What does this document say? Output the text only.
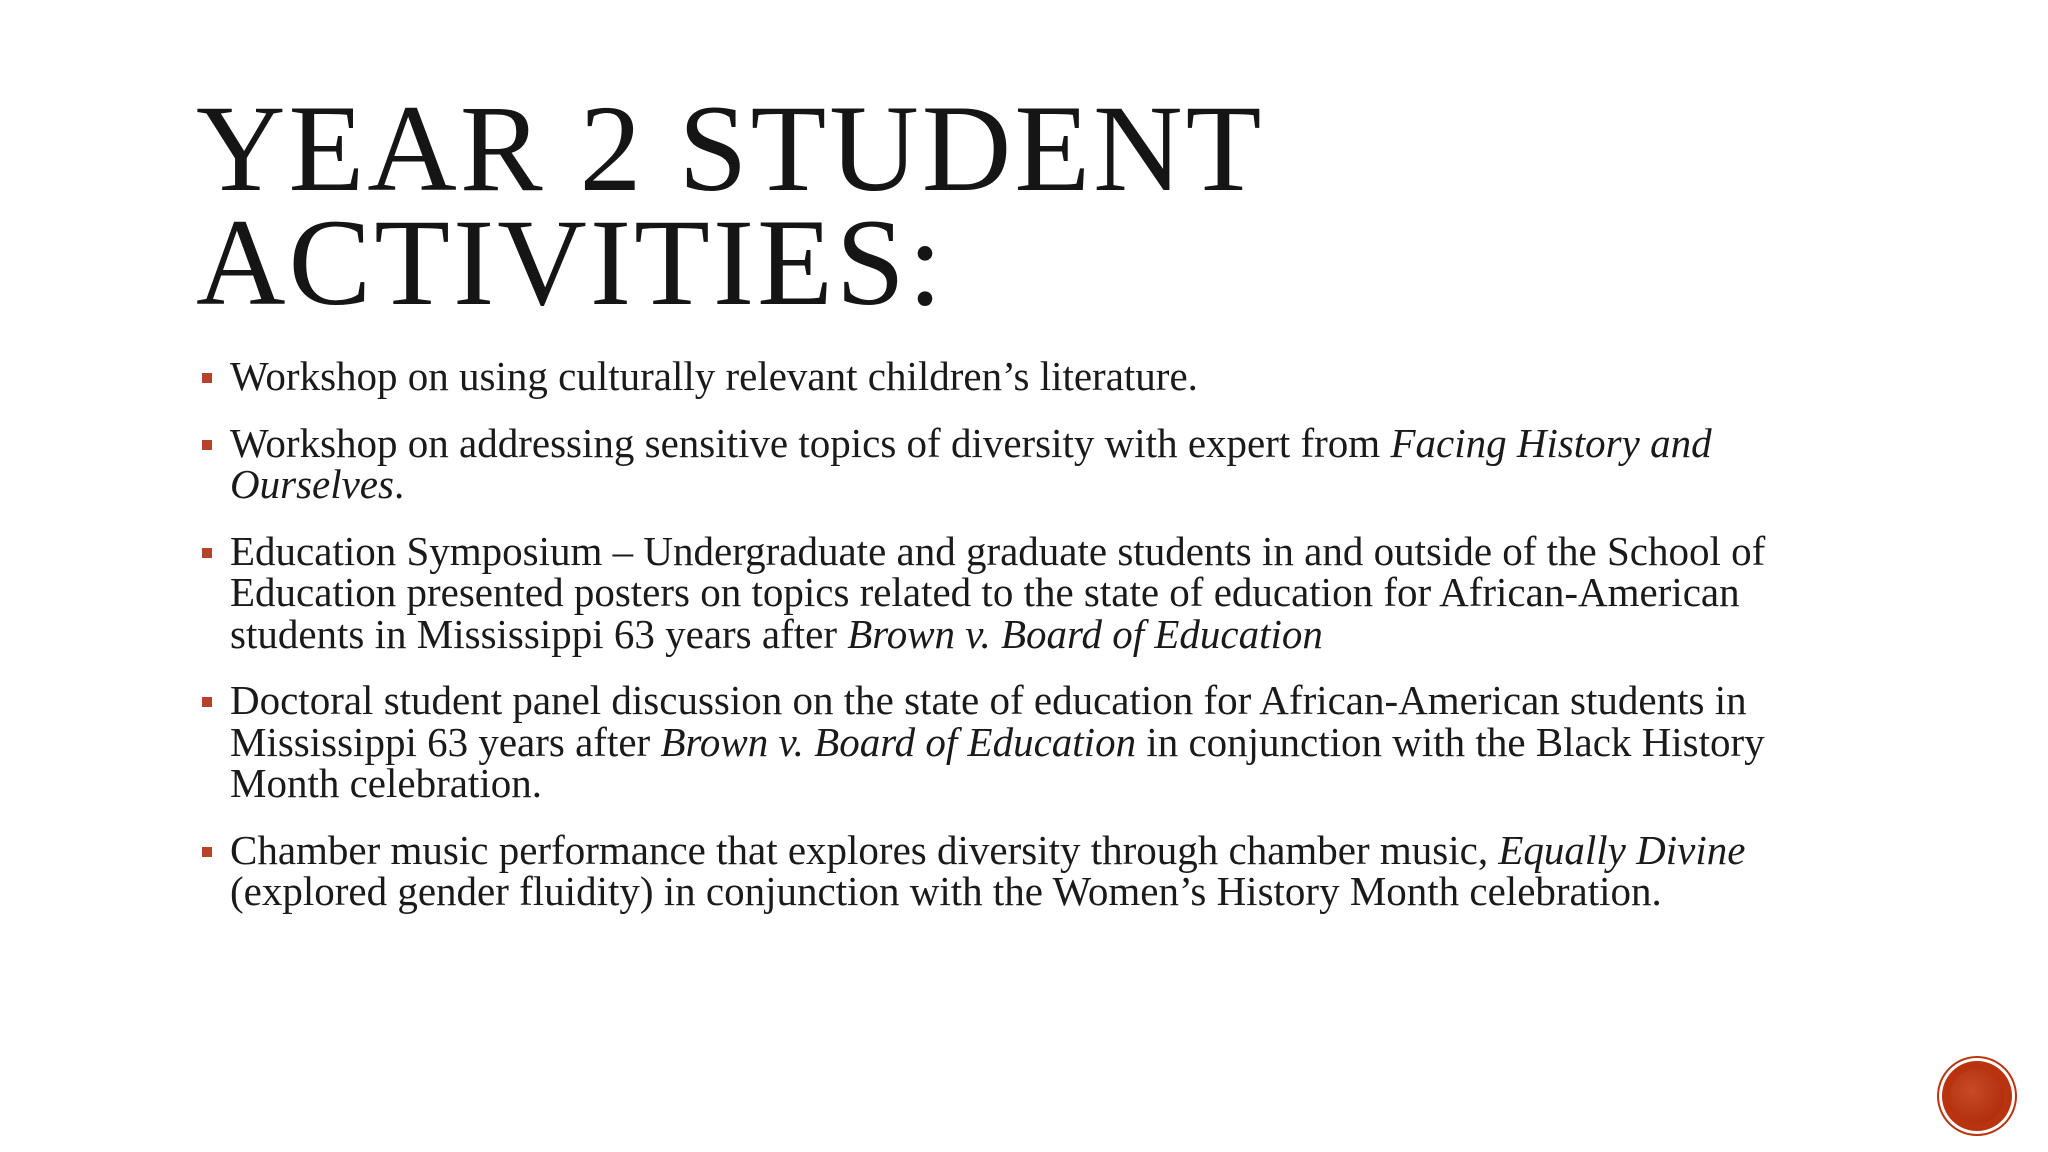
YEAR 2 STUDENT
ACTIVITIES:
Workshop on using culturally relevant children’s literature.
Workshop on addressing sensitive topics of diversity with expert from Facing History and Ourselves.
Education Symposium – Undergraduate and graduate students in and outside of the School of Education presented posters on topics related to the state of education for African-American students in Mississippi 63 years after Brown v. Board of Education
Doctoral student panel discussion on the state of education for African-American students in Mississippi 63 years after Brown v. Board of Education in conjunction with the Black History Month celebration.
Chamber music performance that explores diversity through chamber music, Equally Divine (explored gender fluidity) in conjunction with the Women’s History Month celebration.
